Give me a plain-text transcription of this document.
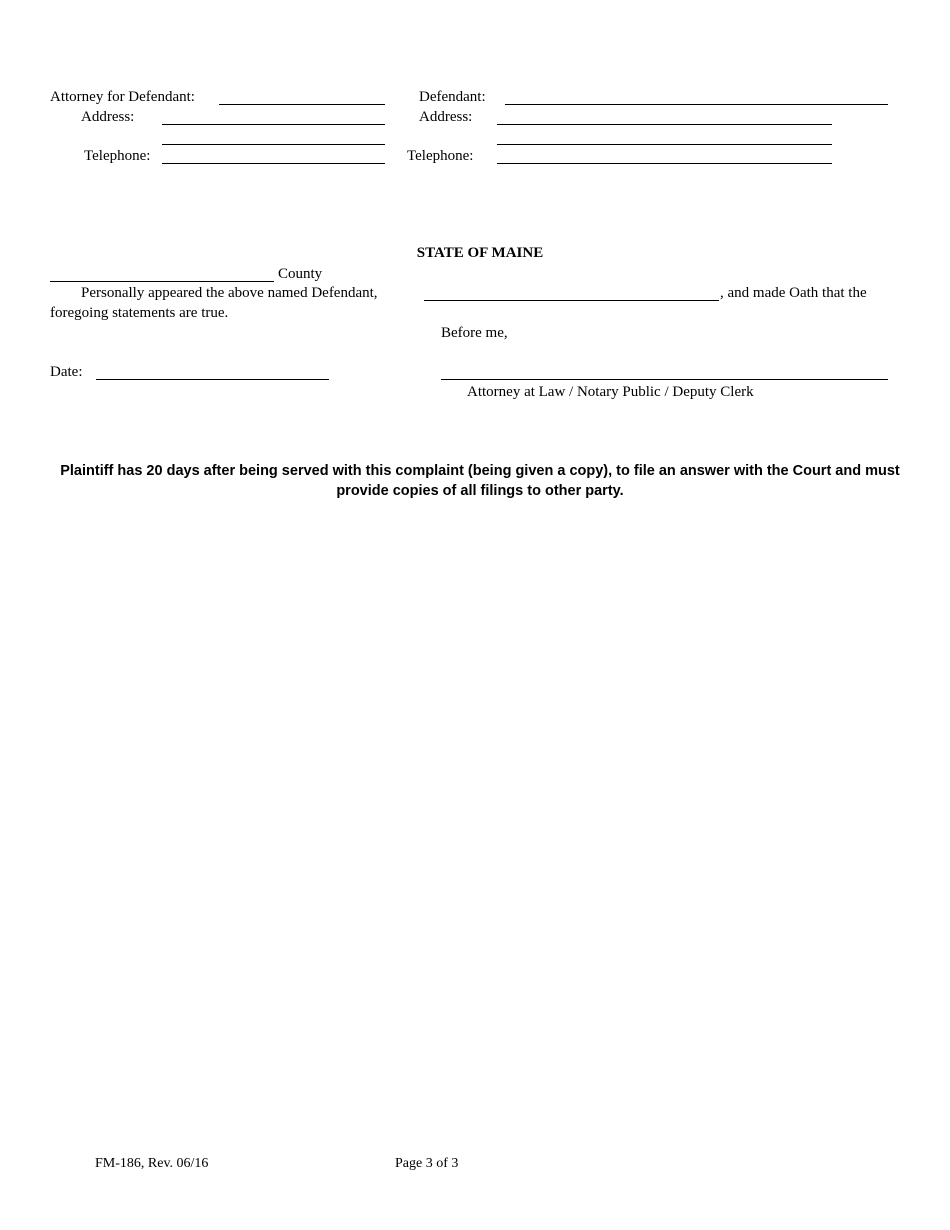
Attorney for Defendant:
Address:
Telephone:
Defendant:
Address:
Telephone:
STATE OF MAINE
County
Personally appeared the above named Defendant,	, and made Oath that the
foregoing statements are true.
Before me,
Date:
Attorney at Law / Notary Public / Deputy Clerk
Plaintiff has 20 days after being served with this complaint (being given a copy), to file an answer with the Court and must provide copies of all filings to other party.
FM-186, Rev. 06/16	Page 3 of 3
